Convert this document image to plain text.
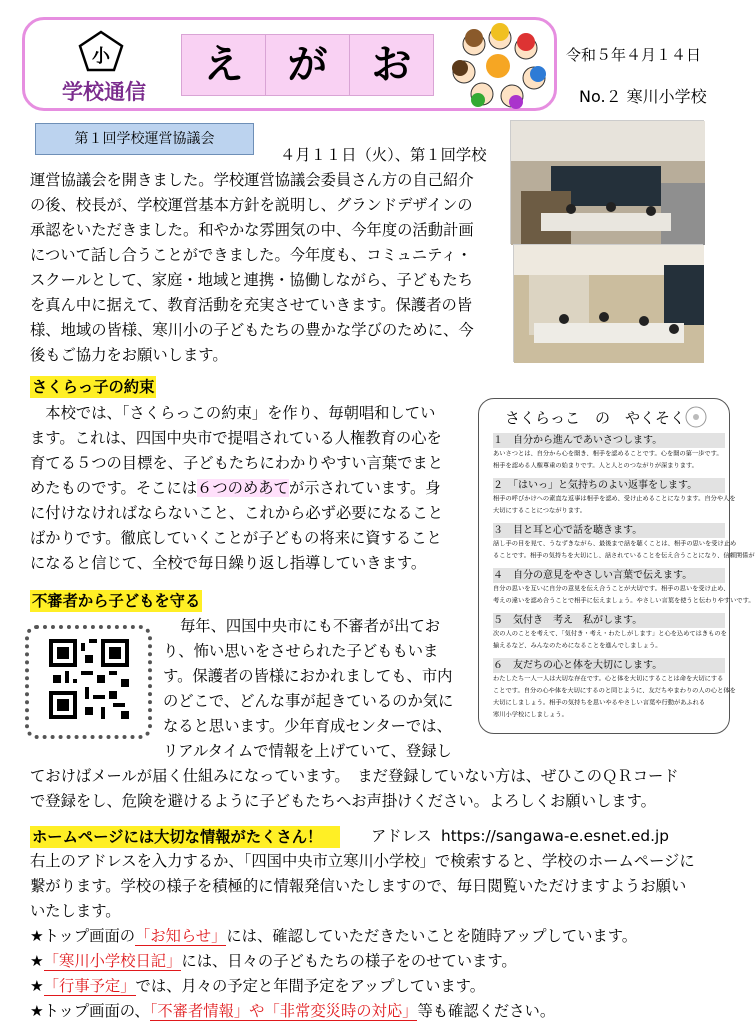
小
学校通信
え	が	お	令和５年４月１４日
No.２ 寒川小学校
第１回学校運営協議会
４月１１日（火）、第１回学校
運営協議会を開きました。学校運営協議会委員さん方の自己紹介
の後、校長が、学校運営基本方針を説明し、グランドデザインの
承認をいただきました。和やかな雰囲気の中、今年度の活動計画
について話し合うことができました。今年度も、コミュニティ・
スクールとして、家庭・地域と連携・協働しながら、子どもたち
を真ん中に据えて、教育活動を充実させていきます。保護者の皆
様、地域の皆様、寒川小の子どもたちの豊かな学びのために、今
後もご協力をお願いします。
さくらっ子の約束
　本校では、「さくらっこの約束」を作り、毎朝唱和してい
ます。これは、四国中央市で提唱されている人権教育の心を
育てる５つの目標を、子どもたちにわかりやすい言葉でまと
めたものです。そこには６つのめあてが示されています。身
に付けなければならないこと、これから必ず必要になること
ばかりです。徹底していくことが子どもの将来に資すること
になると信じて、全校で毎日繰り返し指導していきます。
さくらっこ　の　やくそく
１　自分から進んであいさつします。
あいさつとは、自分から心を開き、相手を認めることです。心を開の第一歩です。
相手を認める人権尊重の始まりです。人と人とのつながりが深まります。
２　「はいっ」と気持ちのよい返事をします。
相手の呼びかけへの素直な返事は相手を認め、受け止めることになります。自分や人を
大切にすることにつながります。
３　目と耳と心で話を聴きます。
話し手の目を見て、うなずきながら、最後まで話を聴くことは、相手の思いを受け止め
ることです。相手の気持ちを大切にし、話されていることを伝え合うことになり、信頼関係が
４　自分の意見をやさしい言葉で伝えます。
自分の思いを互いに自分の意見を伝え合うことが大切です。相手の思いを受け止め、
考えの違いを認め合うことで相手に伝えましょう。やさしい言葉を使うと伝わりやすいです。
５　気付き　考え　私がします。
次の人のことを考えて、「気付き・考え・わたしがします」と心を込めてはきものを
揃えるなど、みんなのためになることを進んでしましょう。
６　友だちの心と体を大切にします。
わたしたち一人一人は大切な存在です。心と体を大切にすることは命を大切にする
ことです。自分の心や体を大切にするのと同じように、友だちやまわりの人の心と体を
大切にしましょう。相手の気持ちを思いやるやさしい言葉や行動があふれる
寒川小学校にしましょう。
不審者から子どもを守る
毎年、四国中央市にも不審者が出てお
り、怖い思いをさせられた子どももいま
す。保護者の皆様におかれましても、市内
のどこで、どんな事が起きているのか気に
なると思います。少年育成センターでは、
リアルタイムで情報を上げていて、登録し
ておけばメールが届く仕組みになっています。　まだ登録していない方は、ぜひこのＱＲコード
で登録をし、危険を避けるように子どもたちへお声掛けください。よろしくお願いします。
ホームページには大切な情報がたくさん！	アドレス https://sangawa-e.esnet.ed.jp
右上のアドレスを入力するか、「四国中央市立寒川小学校」で検索すると、学校のホームページに
繋がります。学校の様子を積極的に情報発信いたしますので、毎日閲覧いただけますようお願い
いたします。
★トップ画面の「お知らせ」には、確認していただきたいことを随時アップしています。
★「寒川小学校日記」には、日々の子どもたちの様子をのせています。
★「行事予定」では、月々の予定と年間予定をアップしています。
★トップ画面の、「不審者情報」や「非常変災時の対応」等も確認ください。
